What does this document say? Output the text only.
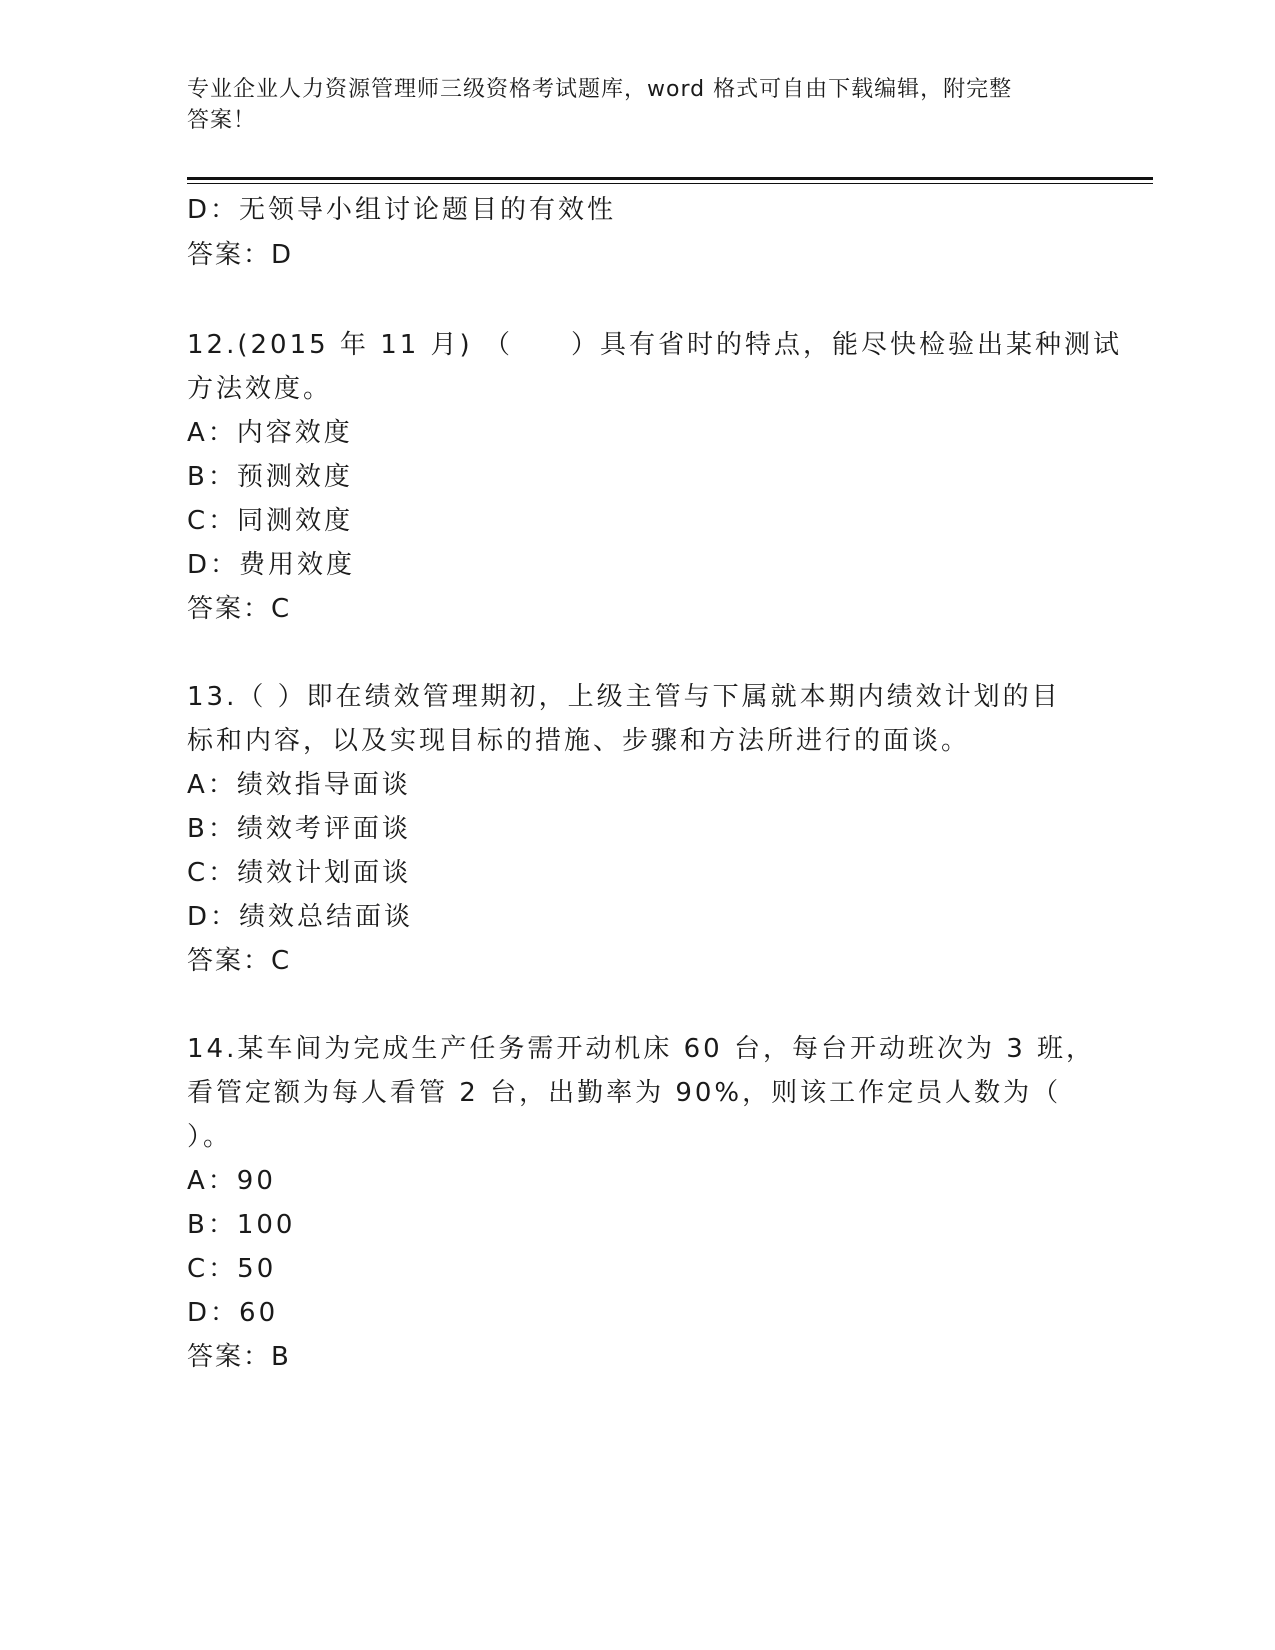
专业企业人力资源管理师三级资格考试题库，word 格式可自由下载编辑，附完整
答案！
D：无领导小组讨论题目的有效性
答案：D
12.(2015 年 11 月) （　　）具有省时的特点，能尽快检验出某种测试
方法效度。
A：内容效度
B：预测效度
C：同测效度
D：费用效度
答案：C
13.（ ）即在绩效管理期初，上级主管与下属就本期内绩效计划的目
标和内容，以及实现目标的措施、步骤和方法所进行的面谈。
A：绩效指导面谈
B：绩效考评面谈
C：绩效计划面谈
D：绩效总结面谈
答案：C
14.某车间为完成生产任务需开动机床 60 台，每台开动班次为 3 班，
看管定额为每人看管 2 台，出勤率为 90%，则该工作定员人数为（
）。
A：90
B：100
C：50
D：60
答案：B
